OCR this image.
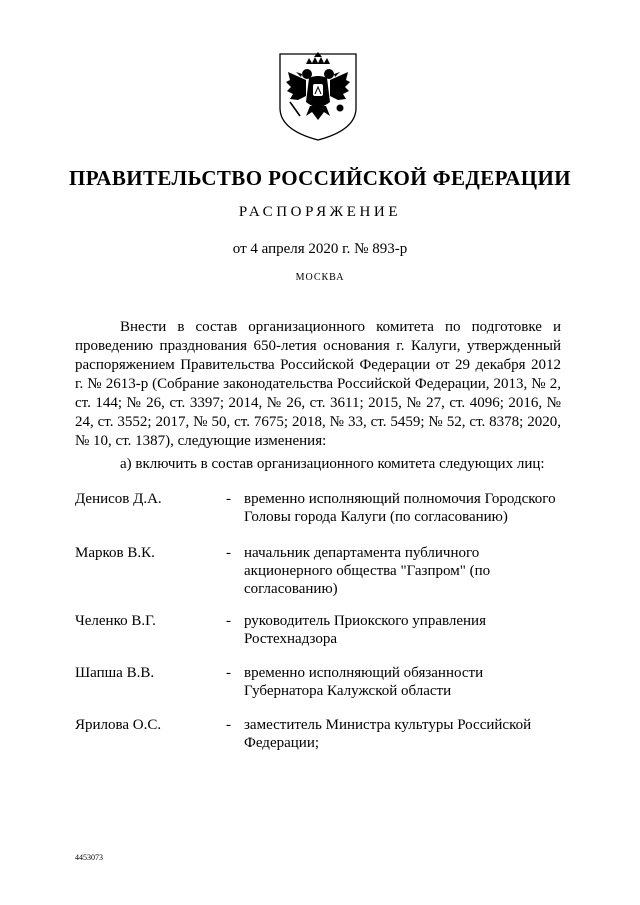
ПРАВИТЕЛЬСТВО РОССИЙСКОЙ ФЕДЕРАЦИИ
РАСПОРЯЖЕНИЕ
от 4 апреля 2020 г. № 893-р
МОСКВА

Внести в состав организационного комитета по подготовке и проведению празднования 650-летия основания г. Калуги, утвержденный распоряжением Правительства Российской Федерации от 29 декабря 2012 г. № 2613-р (Собрание законодательства Российской Федерации, 2013, № 2, ст. 144; № 26, ст. 3397; 2014, № 26, ст. 3611; 2015, № 27, ст. 4096; 2016, № 24, ст. 3552; 2017, № 50, ст. 7675; 2018, № 33, ст. 5459; № 52, ст. 8378; 2020, № 10, ст. 1387), следующие изменения:

а) включить в состав организационного комитета следующих лиц:
Денисов Д.А.	- временно исполняющий полномочия Городского Головы города Калуги (по согласованию)
Марков В.К.	- начальник департамента публичного акционерного общества "Газпром" (по согласованию)
Челенко В.Г.	- руководитель Приокского управления Ростехнадзора
Шапша В.В.	- временно исполняющий обязанности Губернатора Калужской области
Ярилова О.С.	- заместитель Министра культуры Российской Федерации;
4453073
